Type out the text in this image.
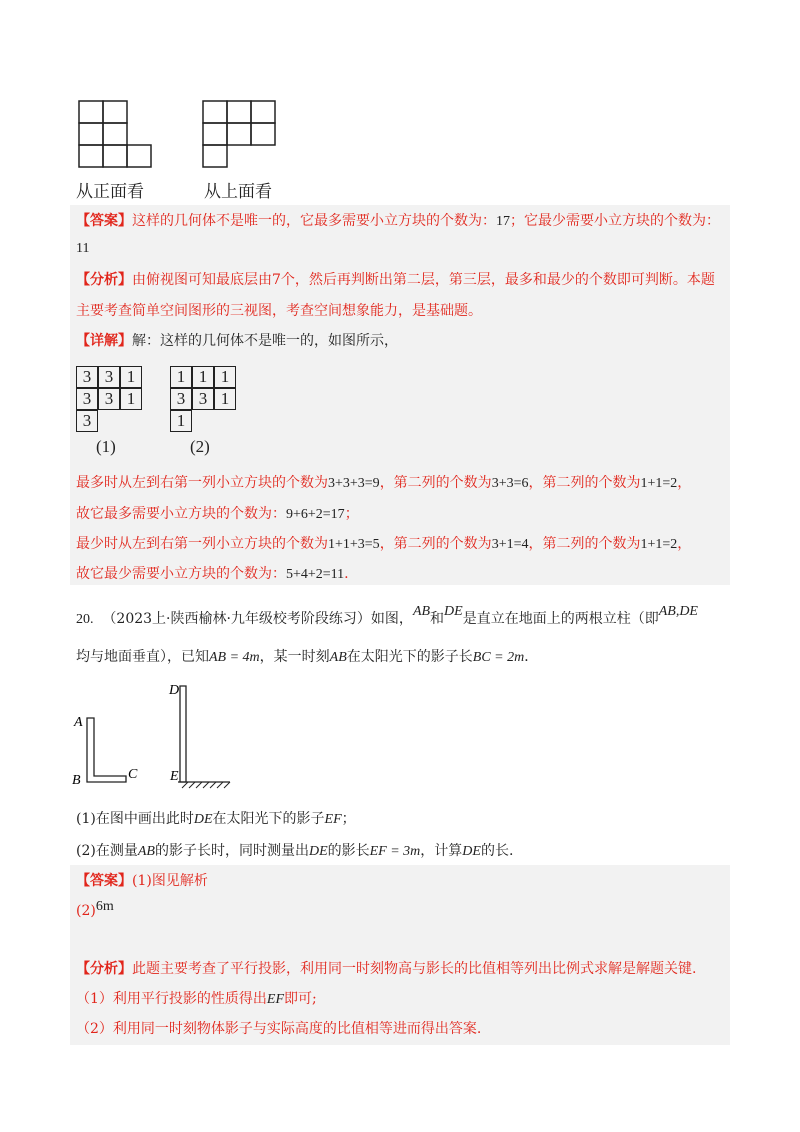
从正面看	从上面看
【答案】这样的几何体不是唯一的，它最多需要小立方块的个数为：17；它最少需要小立方块的个数为：
11
【分析】由俯视图可知最底层由7个，然后再判断出第二层，第三层，最多和最少的个数即可判断。本题
主要考查简单空间图形的三视图，考查空间想象能力，是基础题。
【详解】解：这样的几何体不是唯一的，如图所示，
3 3 1
3 3 1
3
1 1 1
3 3 1
1
(1)	(2)
最多时从左到右第一列小立方块的个数为3+3+3=9，第二列的个数为3+3=6，第二列的个数为1+1=2，
故它最多需要小立方块的个数为：9+6+2=17；
最少时从左到右第一列小立方块的个数为1+1+3=5，第二列的个数为3+1=4，第二列的个数为1+1=2，
故它最少需要小立方块的个数为：5+4+2=11.
20. （2023上·陕西榆林·九年级校考阶段练习）如图，AB和DE是直立在地面上的两根立柱（即AB,DE
均与地面垂直），已知AB = 4m，某一时刻AB在太阳光下的影子长BC = 2m．
A
B	C
D
E
(1)在图中画出此时DE在太阳光下的影子EF；
(2)在测量AB的影子长时，同时测量出DE的影长EF = 3m，计算DE的长.
【答案】(1)图见解析
(2)6m
【分析】此题主要考查了平行投影，利用同一时刻物高与影长的比值相等列出比例式求解是解题关键.
（1）利用平行投影的性质得出EF即可;
（2）利用同一时刻物体影子与实际高度的比值相等进而得出答案.
